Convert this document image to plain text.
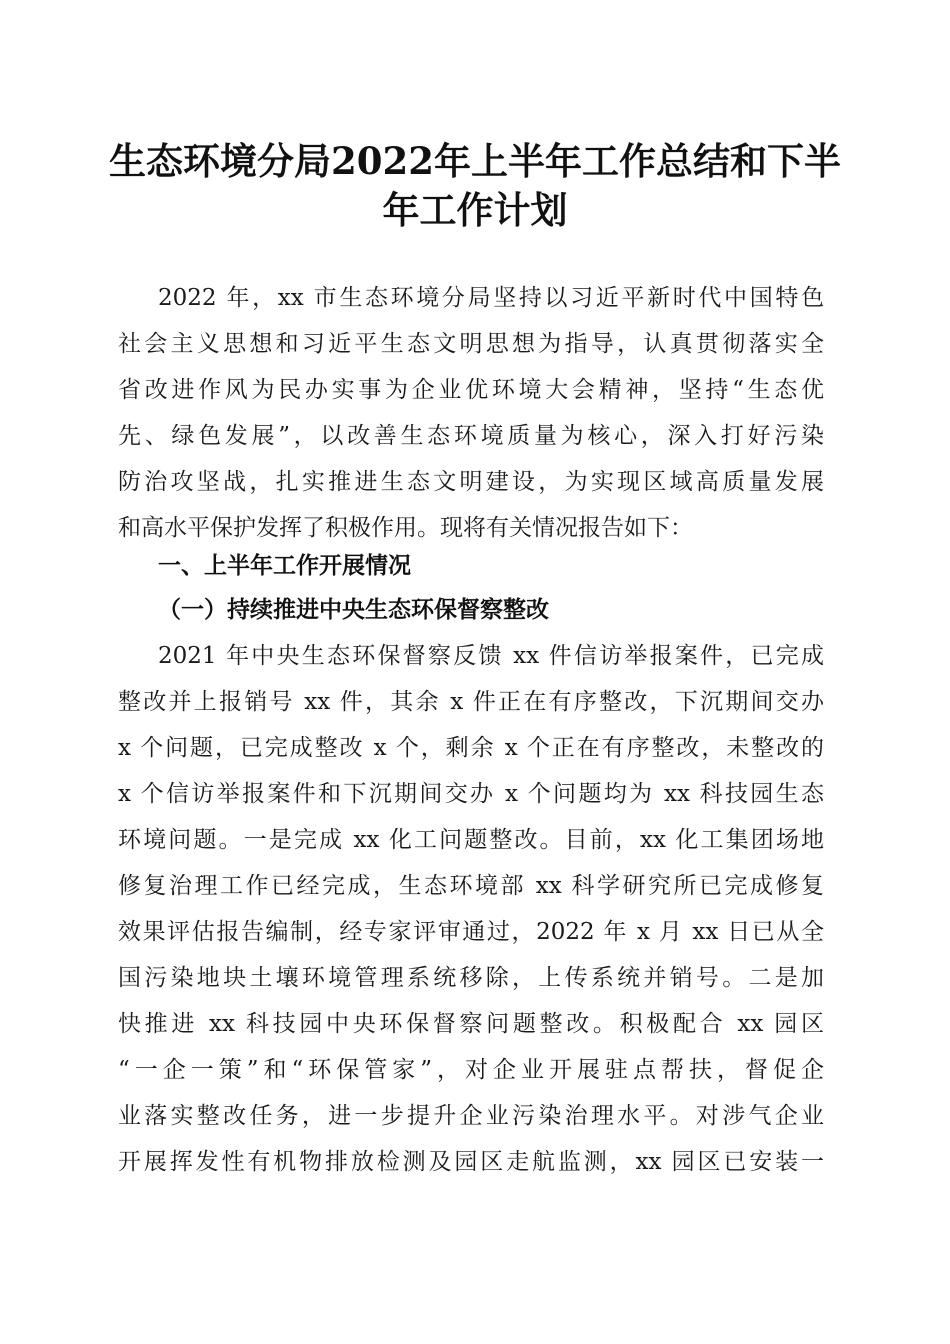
生态环境分局2022年上半年工作总结和下半
年工作计划

2022 年，xx 市生态环境分局坚持以习近平新时代中国特色

社会主义思想和习近平生态文明思想为指导，认真贯彻落实全

省改进作风为民办实事为企业优环境大会精神，坚持“生态优

先、绿色发展”，以改善生态环境质量为核心，深入打好污染

防治攻坚战，扎实推进生态文明建设，为实现区域高质量发展

和高水平保护发挥了积极作用。现将有关情况报告如下：

一、上半年工作开展情况
（一）持续推进中央生态环保督察整改

2021 年中央生态环保督察反馈 xx 件信访举报案件，已完成

整改并上报销号 xx 件，其余 x 件正在有序整改，下沉期间交办

x 个问题，已完成整改 x 个，剩余 x 个正在有序整改，未整改的

x 个信访举报案件和下沉期间交办 x 个问题均为 xx 科技园生态

环境问题。一是完成 xx 化工问题整改。目前，xx 化工集团场地

修复治理工作已经完成，生态环境部 xx 科学研究所已完成修复

效果评估报告编制，经专家评审通过，2022 年 x 月 xx 日已从全

国污染地块土壤环境管理系统移除，上传系统并销号。二是加

快推进 xx 科技园中央环保督察问题整改。积极配合 xx 园区

“一企一策”和“环保管家”，对企业开展驻点帮扶，督促企

业落实整改任务，进一步提升企业污染治理水平。对涉气企业

开展挥发性有机物排放检测及园区走航监测，xx 园区已安装一
